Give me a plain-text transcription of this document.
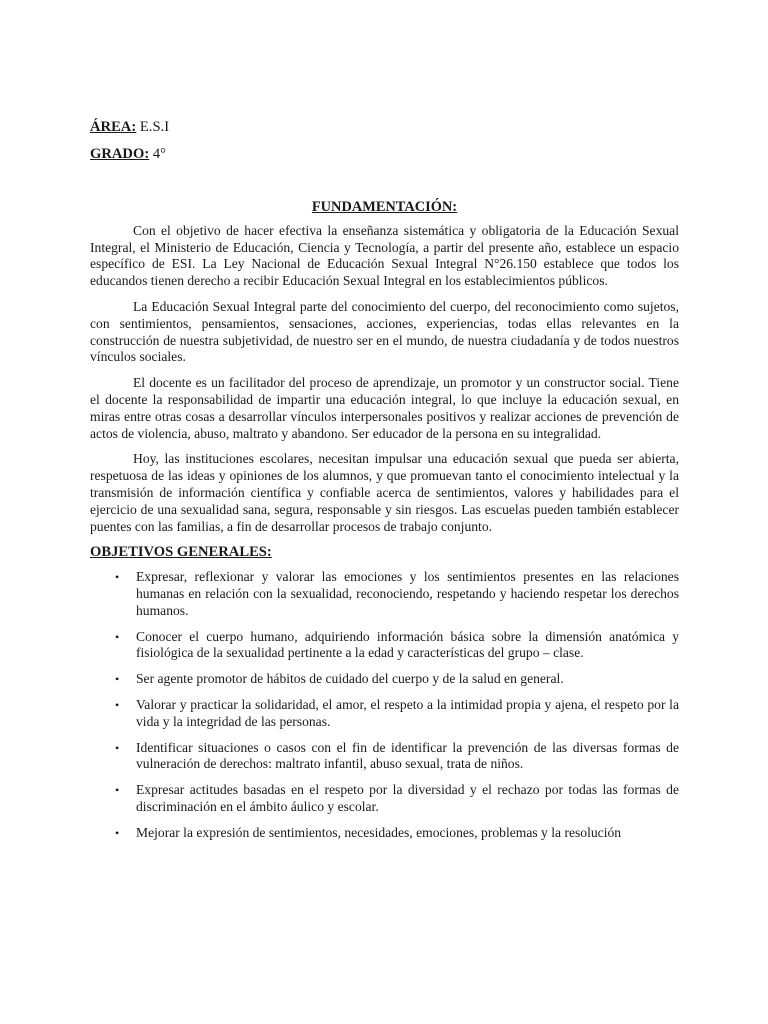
ÁREA: E.S.I
GRADO: 4°
FUNDAMENTACIÓN:

Con el objetivo de hacer efectiva la enseñanza sistemática y obligatoria de la Educación Sexual Integral, el Ministerio de Educación, Ciencia y Tecnología, a partir del presente año, establece un espacio específico de ESI. La Ley Nacional de Educación Sexual Integral N°26.150 establece que todos los educandos tienen derecho a recibir Educación Sexual Integral en los establecimientos públicos.

La Educación Sexual Integral parte del conocimiento del cuerpo, del reconocimiento como sujetos, con sentimientos, pensamientos, sensaciones, acciones, experiencias, todas ellas relevantes en la construcción de nuestra subjetividad, de nuestro ser en el mundo, de nuestra ciudadanía y de todos nuestros vínculos sociales.

El docente es un facilitador del proceso de aprendizaje, un promotor y un constructor social. Tiene el docente la responsabilidad de impartir una educación integral, lo que incluye la educación sexual, en miras entre otras cosas a desarrollar vínculos interpersonales positivos y realizar acciones de prevención de actos de violencia, abuso, maltrato y abandono. Ser educador de la persona en su integralidad.

Hoy, las instituciones escolares, necesitan impulsar una educación sexual que pueda ser abierta, respetuosa de las ideas y opiniones de los alumnos, y que promuevan tanto el conocimiento intelectual y la transmisión de información científica y confiable acerca de sentimientos, valores y habilidades para el ejercicio de una sexualidad sana, segura, responsable y sin riesgos. Las escuelas pueden también establecer puentes con las familias, a fin de desarrollar procesos de trabajo conjunto.

OBJETIVOS GENERALES:
• Expresar, reflexionar y valorar las emociones y los sentimientos presentes en las relaciones humanas en relación con la sexualidad, reconociendo, respetando y haciendo respetar los derechos humanos.
• Conocer el cuerpo humano, adquiriendo información básica sobre la dimensión anatómica y fisiológica de la sexualidad pertinente a la edad y características del grupo – clase.
• Ser agente promotor de hábitos de cuidado del cuerpo y de la salud en general.
• Valorar y practicar la solidaridad, el amor, el respeto a la intimidad propia y ajena, el respeto por la vida y la integridad de las personas.
• Identificar situaciones o casos con el fin de identificar la prevención de las diversas formas de vulneración de derechos: maltrato infantil, abuso sexual, trata de niños.
• Expresar actitudes basadas en el respeto por la diversidad y el rechazo por todas las formas de discriminación en el ámbito áulico y escolar.
• Mejorar la expresión de sentimientos, necesidades, emociones, problemas y la resolución
